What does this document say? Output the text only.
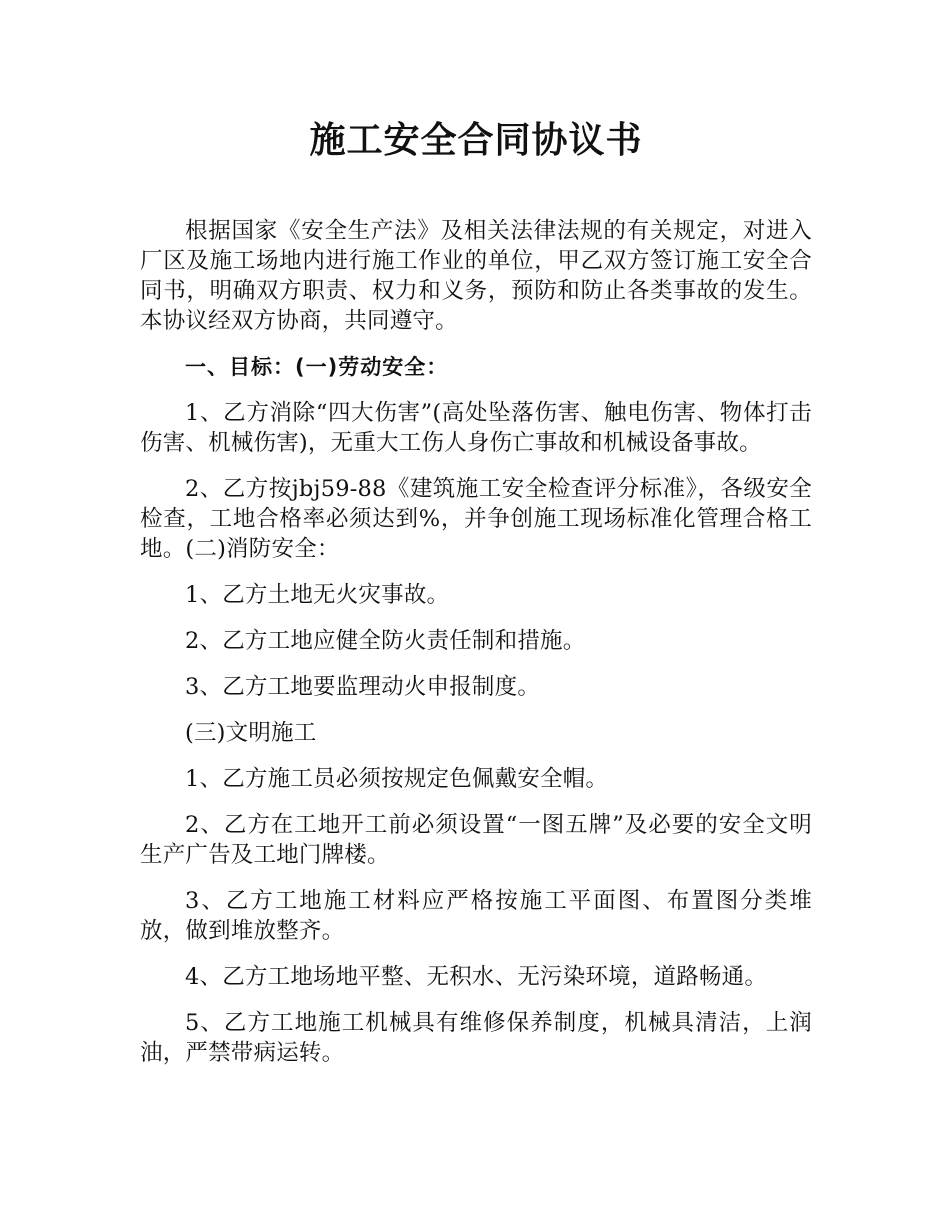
施工安全合同协议书

根据国家《安全生产法》及相关法律法规的有关规定，对进入厂区及施工场地内进行施工作业的单位，甲乙双方签订施工安全合同书，明确双方职责、权力和义务，预防和防止各类事故的发生。本协议经双方协商，共同遵守。

一、目标：(一)劳动安全：

1、乙方消除“四大伤害”(高处坠落伤害、触电伤害、物体打击伤害、机械伤害)，无重大工伤人身伤亡事故和机械设备事故。

2、乙方按jbj59-88《建筑施工安全检查评分标准》，各级安全检查，工地合格率必须达到%，并争创施工现场标准化管理合格工地。(二)消防安全：

1、乙方土地无火灾事故。

2、乙方工地应健全防火责任制和措施。

3、乙方工地要监理动火申报制度。

(三)文明施工

1、乙方施工员必须按规定色佩戴安全帽。

2、乙方在工地开工前必须设置“一图五牌”及必要的安全文明生产广告及工地门牌楼。

3、乙方工地施工材料应严格按施工平面图、布置图分类堆放，做到堆放整齐。

4、乙方工地场地平整、无积水、无污染环境，道路畅通。

5、乙方工地施工机械具有维修保养制度，机械具清洁，上润油，严禁带病运转。
